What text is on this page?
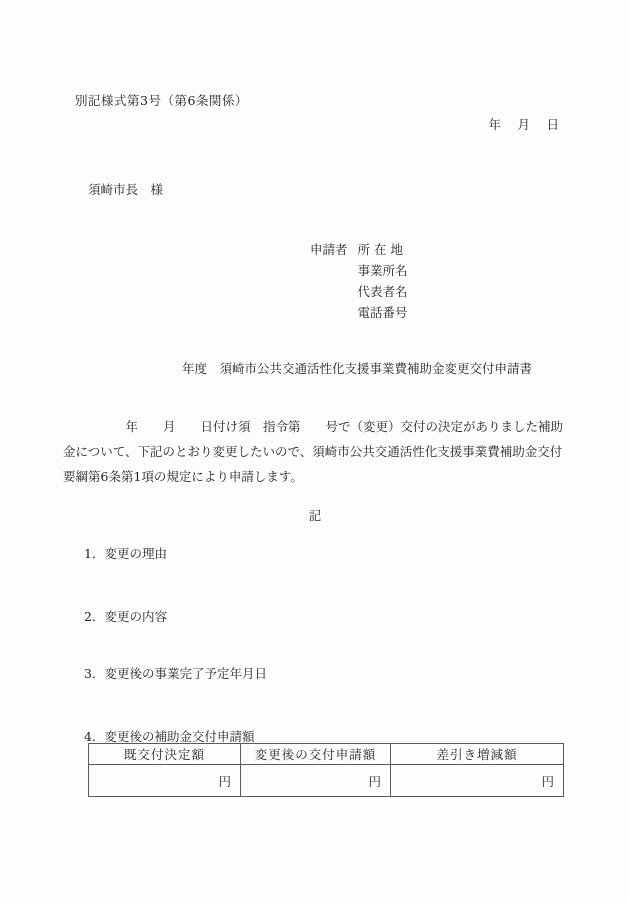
別記様式第3号（第6条関係）
年　月　日
須崎市長　様
申請者 所 在 地
事業所名
代表者名
電話番号
年度　須崎市公共交通活性化支援事業費補助金変更交付申請書
　　　　　年　　月　　日付け須　指令第　　号で（変更）交付の決定がありました補助
金について、下記のとおり変更したいので、須崎市公共交通活性化支援事業費補助金交付
要綱第6条第1項の規定により申請します。
記
1．変更の理由
2．変更の内容
3．変更後の事業完了予定年月日
4．変更後の補助金交付申請額
既交付決定額	変更後の交付申請額	差引き増減額
円	円	円
